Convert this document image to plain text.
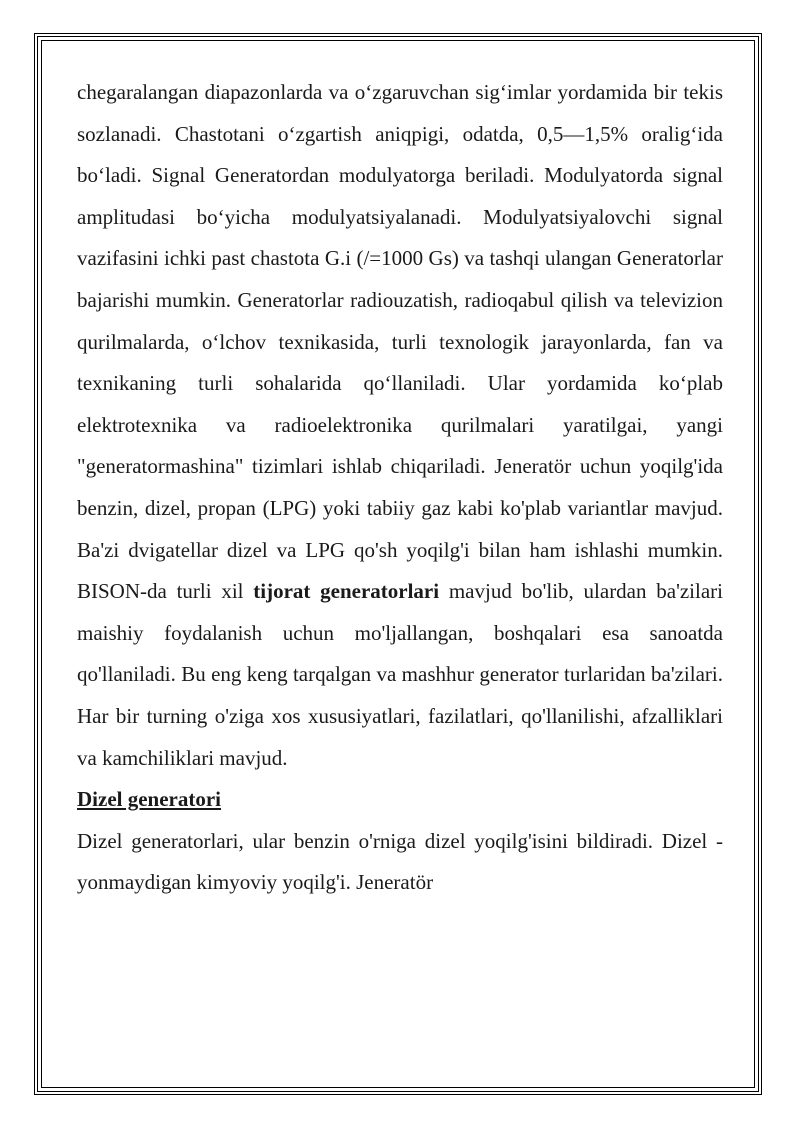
chegaralangan diapazonlarda va o‘zgaruvchan sig‘imlar yordamida bir tekis sozlanadi. Chastotani o‘zgartish aniqpigi, odatda, 0,5—1,5% oralig‘ida bo‘ladi. Signal Generatordan modulyatorga beriladi. Modulyatorda signal amplitudasi bo‘yicha modulyatsiyalanadi. Modulyatsiyalovchi signal vazifasini ichki past chastota G.i (/=1000 Gs) va tashqi ulangan Generatorlar bajarishi mumkin. Generatorlar radiouzatish, radioqabul qilish va televizion qurilmalarda, o‘lchov texnikasida, turli texnologik jarayonlarda, fan va texnikaning turli sohalarida qo‘llaniladi. Ular yordamida ko‘plab elektrotexnika va radioelektronika qurilmalari yaratilgai, yangi "generatormashina" tizimlari ishlab chiqariladi. Jeneratör uchun yoqilg'ida benzin, dizel, propan (LPG) yoki tabiiy gaz kabi ko'plab variantlar mavjud. Ba'zi dvigatellar dizel va LPG qo'sh yoqilg'i bilan ham ishlashi mumkin. BISON-da turli xil tijorat generatorlari mavjud bo'lib, ulardan ba'zilari maishiy foydalanish uchun mo'ljallangan, boshqalari esa sanoatda qo'llaniladi. Bu eng keng tarqalgan va mashhur generator turlaridan ba'zilari. Har bir turning o'ziga xos xususiyatlari, fazilatlari, qo'llanilishi, afzalliklari va kamchiliklari mavjud.

Dizel generatori

Dizel generatorlari, ular benzin o'rniga dizel yoqilg'isini bildiradi. Dizel - yonmaydigan kimyoviy yoqilg'i. Jeneratör
